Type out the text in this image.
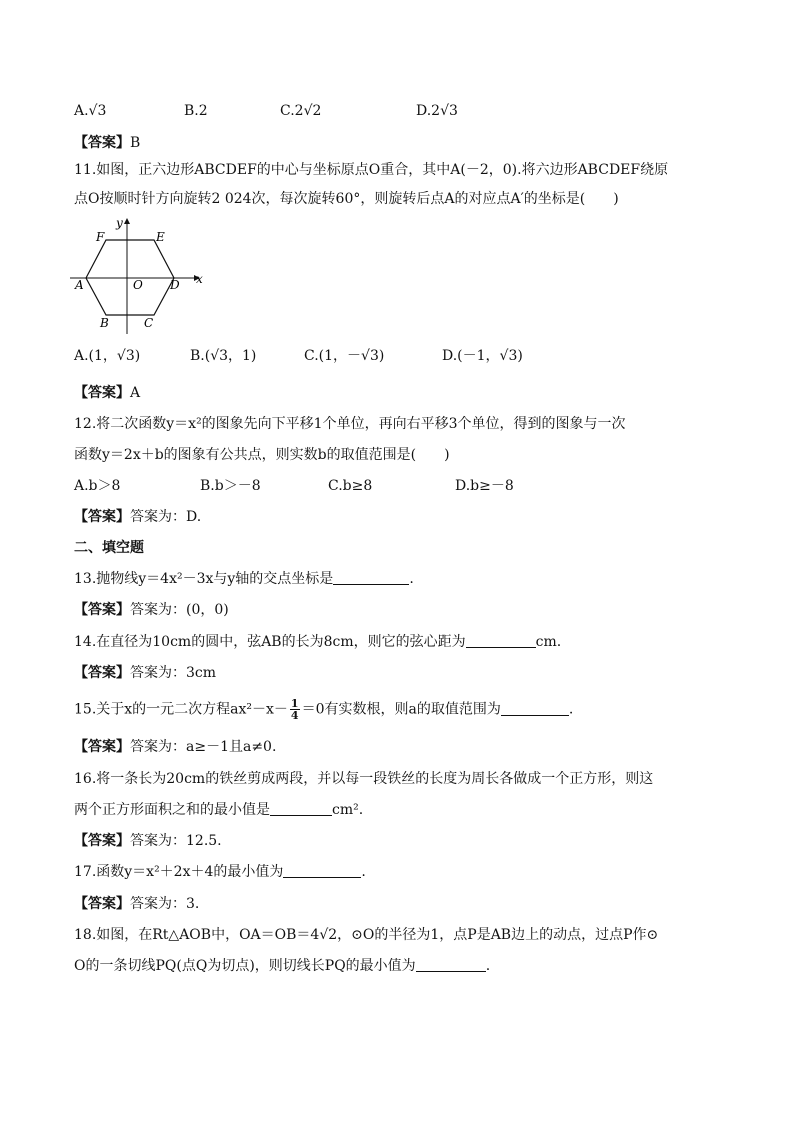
A.√3	B.2	C.2√2	D.2√3
【答案】B
11.如图，正六边形ABCDEF的中心与坐标原点O重合，其中A(－2，0).将六边形ABCDEF绕原
点O按顺时针方向旋转2 024次，每次旋转60°，则旋转后点A的对应点A′的坐标是(　　)
F	E
A	O D
B	C
x
y
A.(1，√3)	B.(√3，1)	C.(1，－√3)	D.(－1，√3)
【答案】A
12.将二次函数y＝x²的图象先向下平移1个单位，再向右平移3个单位，得到的图象与一次
函数y＝2x＋b的图象有公共点，则实数b的取值范围是(　　)
A.b＞8	B.b＞－8	C.b≥8	D.b≥－8
【答案】答案为：D.
二、填空题
13.抛物线y＝4x²－3x与y轴的交点坐标是	.
【答案】答案为：(0，0)
14.在直径为10cm的圆中，弦AB的长为8cm，则它的弦心距为	cm.
【答案】答案为：3cm
15.关于x的一元二次方程$ax^2-x- \frac{1}{4} =0$有实数根，则a的取值范围为	.
【答案】答案为：a≥－1且a≠0.
16.将一条长为20cm的铁丝剪成两段，并以每一段铁丝的长度为周长各做成一个正方形，则这
两个正方形面积之和的最小值是	cm².
【答案】答案为：12.5.
17.函数y＝x²＋2x＋4的最小值为	.
【答案】答案为：3.
18.如图，在Rt△AOB中，OA＝OB＝4√2，⊙O的半径为1，点P是AB边上的动点，过点P作⊙
O的一条切线PQ(点Q为切点)，则切线长PQ的最小值为	.
